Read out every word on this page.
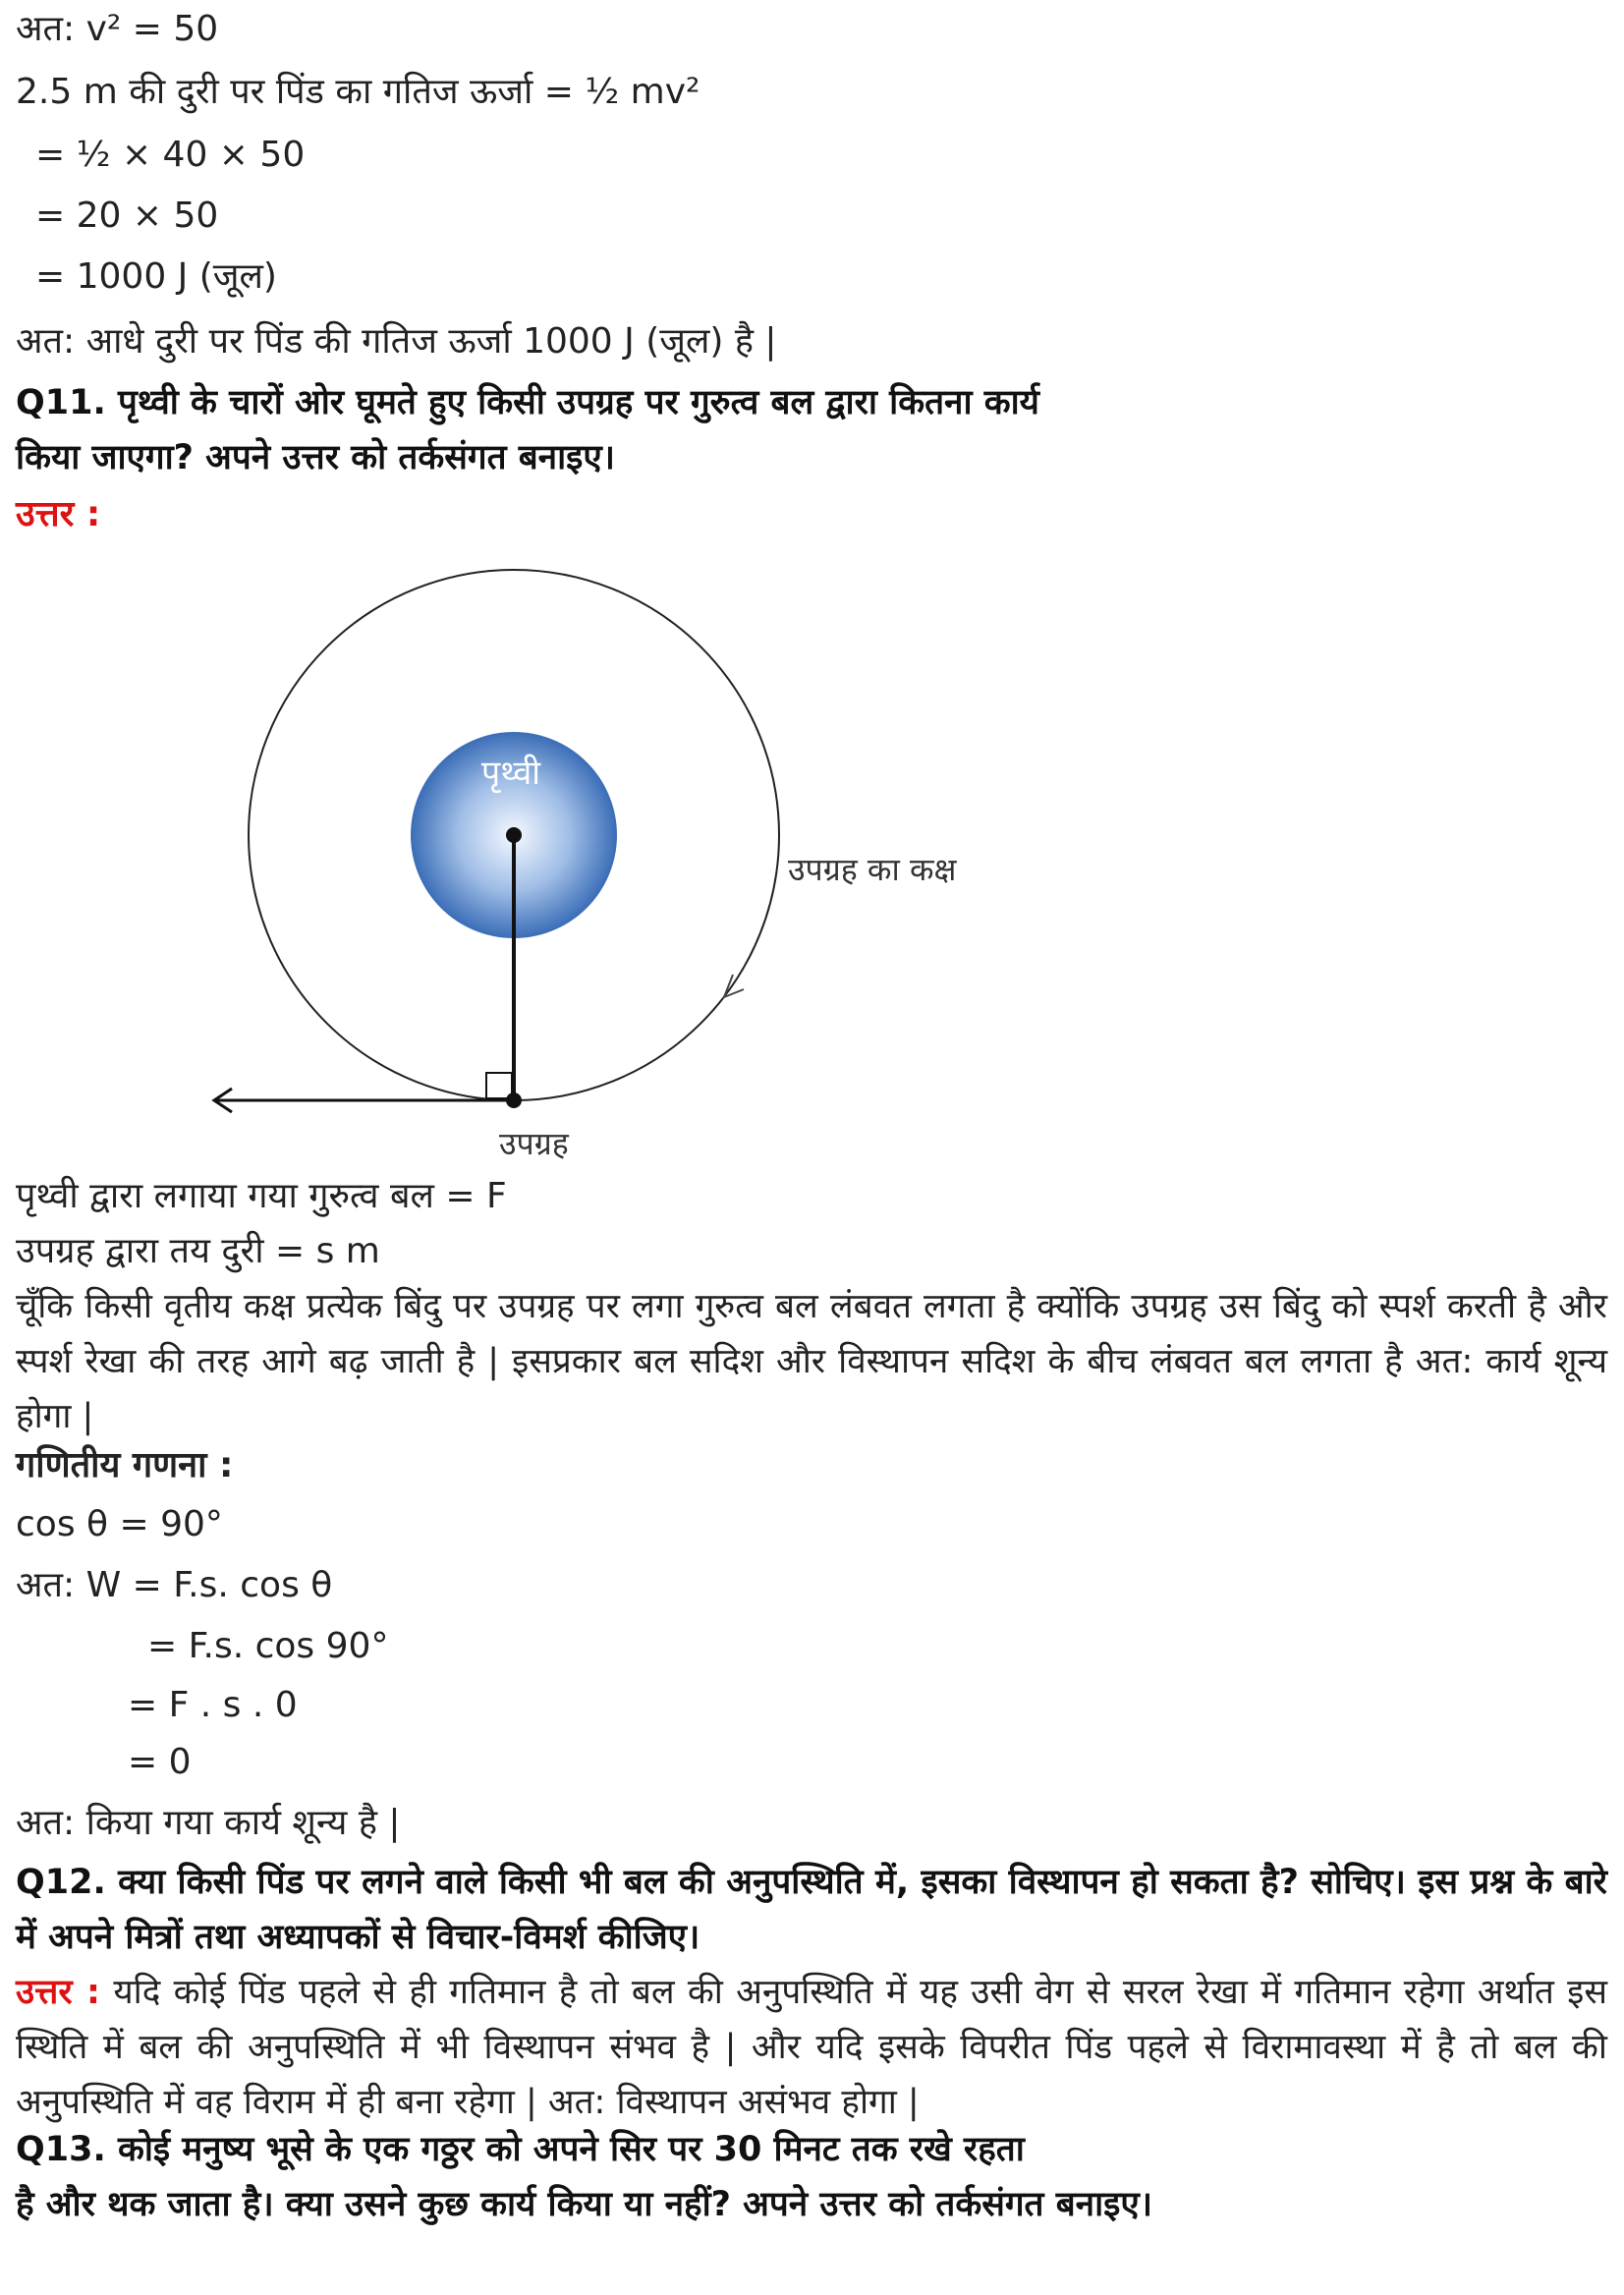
अत: v² = 50
2.5 m की दुरी पर पिंड का गतिज ऊर्जा = ½ mv²
= ½ × 40 × 50
= 20 × 50
= 1000 J (जूल)
अत: आधे दुरी पर पिंड की गतिज ऊर्जा 1000 J (जूल) है |
Q11. पृथ्वी के चारों ओर घूमते हुए किसी उपग्रह पर गुरुत्व बल द्वारा कितना कार्य
किया जाएगा? अपने उत्तर को तर्कसंगत बनाइए।
उत्तर :
पृथ्वी
उपग्रह का कक्ष
उपग्रह
पृथ्वी द्वारा लगाया गया गुरुत्व बल = F
उपग्रह द्वारा तय दुरी = s m
चूँकि किसी वृतीय कक्ष प्रत्येक बिंदु पर उपग्रह पर लगा गुरुत्व बल लंबवत लगता है क्योंकि उपग्रह उस बिंदु को स्पर्श करती है और स्पर्श रेखा की तरह आगे बढ़ जाती है | इसप्रकार बल सदिश और विस्थापन सदिश के बीच लंबवत बल लगता है अत: कार्य शून्य होगा |
गणितीय गणना :
cos θ = 90°
अत: W = F.s. cos θ
= F.s. cos 90°
= F . s . 0
= 0
अत: किया गया कार्य शून्य है |
Q12. क्या किसी पिंड पर लगने वाले किसी भी बल की अनुपस्थिति में, इसका विस्थापन हो सकता है? सोचिए। इस प्रश्न के बारे में अपने मित्रों तथा अध्यापकों से विचार-विमर्श कीजिए।
उत्तर : यदि कोई पिंड पहले से ही गतिमान है तो बल की अनुपस्थिति में यह उसी वेग से सरल रेखा में गतिमान रहेगा अर्थात इस स्थिति में बल की अनुपस्थिति में भी विस्थापन संभव है | और यदि इसके विपरीत पिंड पहले से विरामावस्था में है तो बल की अनुपस्थिति में वह विराम में ही बना रहेगा | अत: विस्थापन असंभव होगा |
Q13. कोई मनुष्य भूसे के एक गठ्ठर को अपने सिर पर 30 मिनट तक रखे रहता
है और थक जाता है। क्या उसने कुछ कार्य किया या नहीं? अपने उत्तर को तर्कसंगत बनाइए।
